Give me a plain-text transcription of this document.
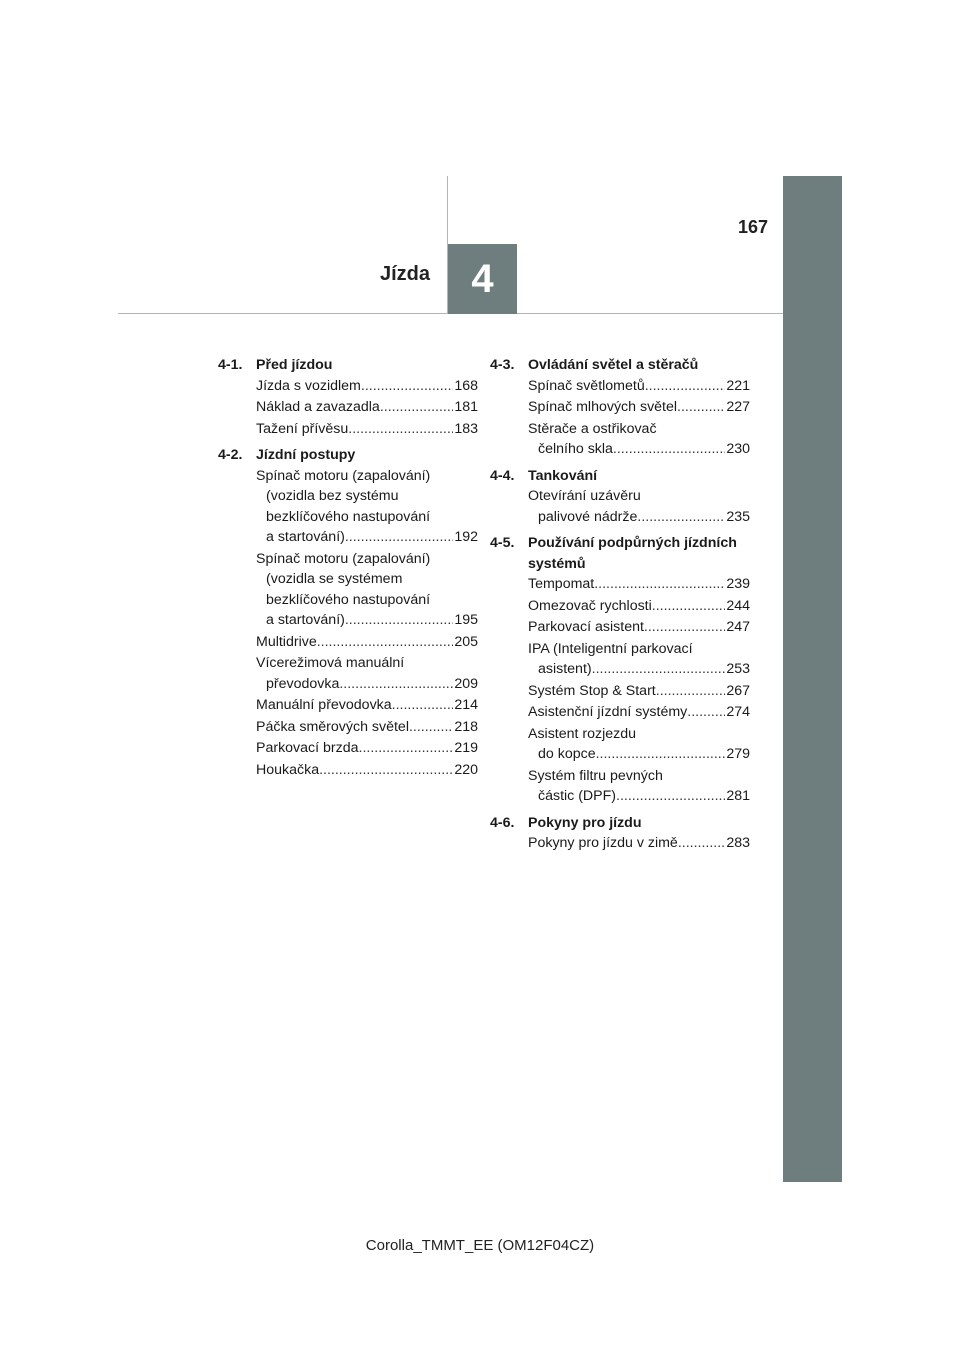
167
Jízda	4
4-1. Před jízdou
Jízda s vozidlem .....	168
Náklad a zavazadla .....	181
Tažení přívěsu .....	183
4-2. Jízdní postupy
Spínač motoru (zapalování)
(vozidla bez systému
bezklíčového nastupování
a startování) .....	192
Spínač motoru (zapalování)
(vozidla se systémem
bezklíčového nastupování
a startování) .....	195
Multidrive .....	205
Vícerežimová manuální
převodovka .....	209
Manuální převodovka .....	214
Páčka směrových světel .....	218
Parkovací brzda .....	219
Houkačka .....	220
4-3. Ovládání světel a stěračů
Spínač světlometů .....	221
Spínač mlhových světel .....	227
Stěrače a ostřikovač
čelního skla .....	230
4-4. Tankování
Otevírání uzávěru
palivové nádrže .....	235
4-5. Používání podpůrných jízdních systémů
Tempomat .....	239
Omezovač rychlosti .....	244
Parkovací asistent .....	247
IPA (Inteligentní parkovací
asistent) .....	253
Systém Stop & Start .....	267
Asistenční jízdní systémy .....	274
Asistent rozjezdu
do kopce .....	279
Systém filtru pevných
částic (DPF) .....	281
4-6. Pokyny pro jízdu
Pokyny pro jízdu v zimě .....	283
Corolla_TMMT_EE (OM12F04CZ)
